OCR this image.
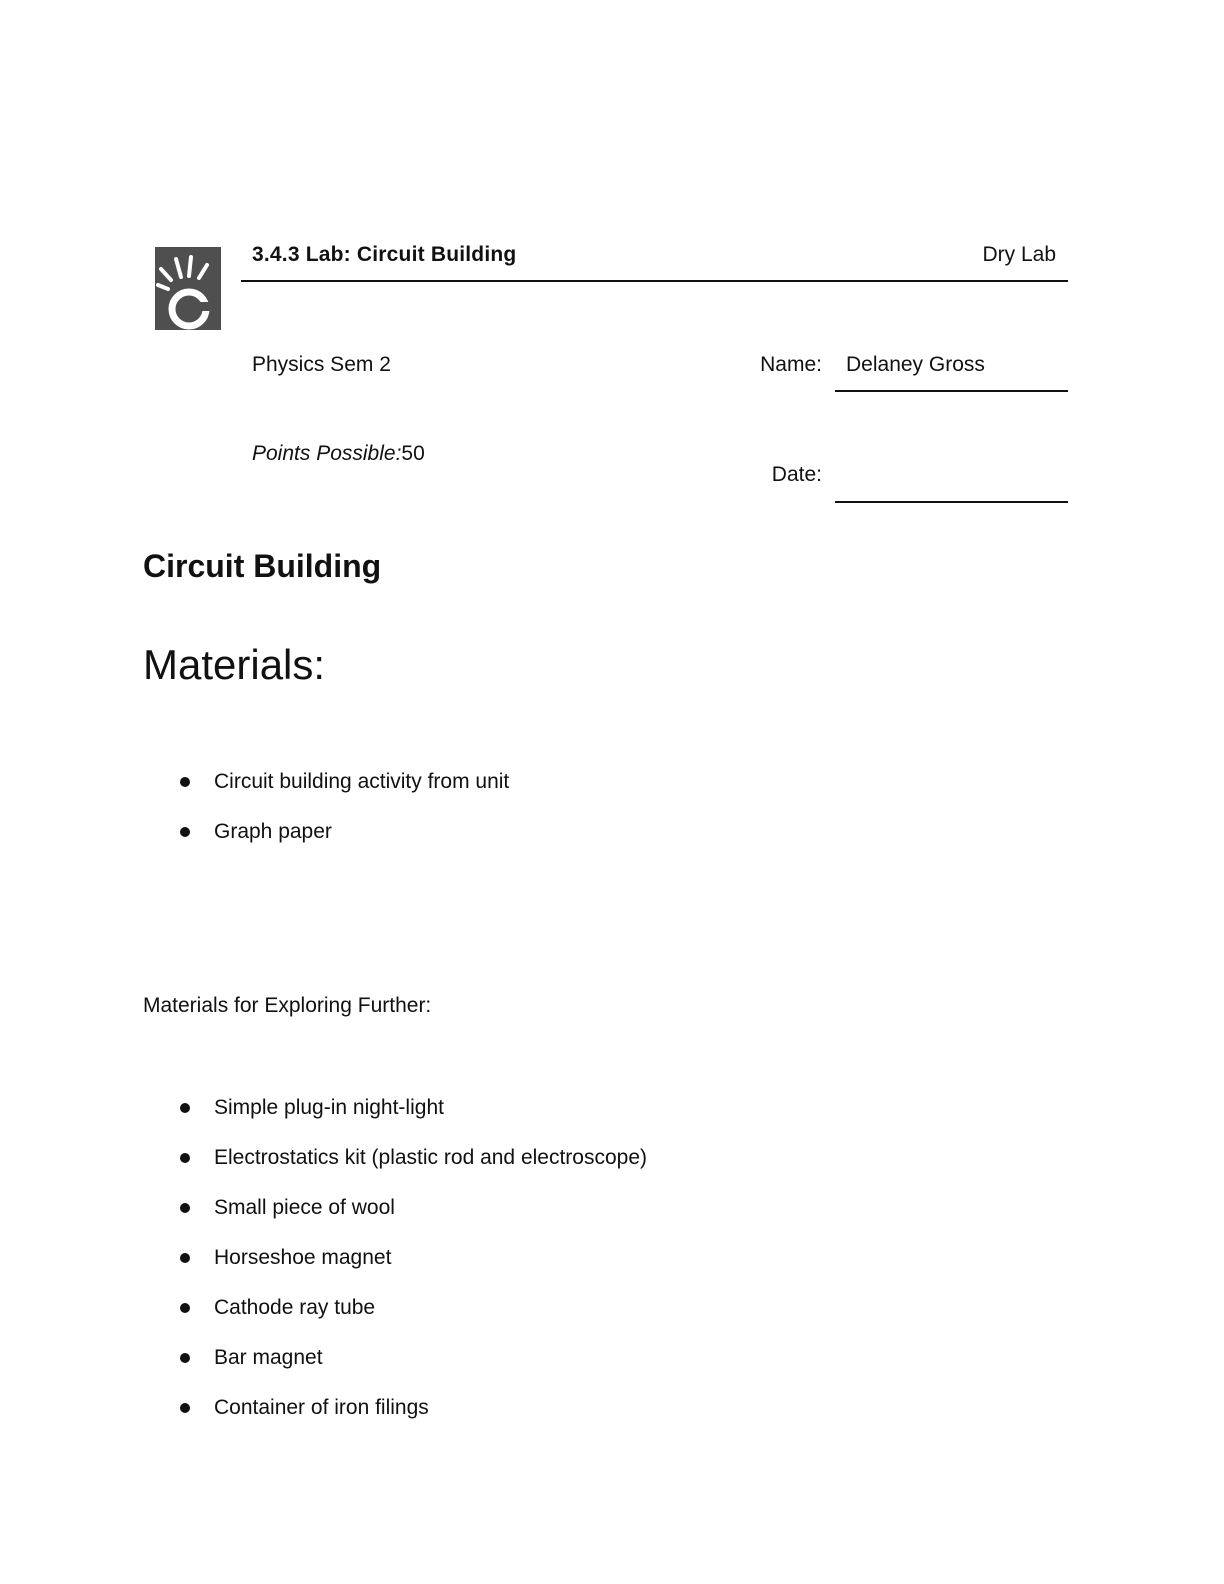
3.4.3 Lab: Circuit Building	Dry Lab
Physics Sem 2	Name: Delaney Gross
Points Possible:50
Date:
Circuit Building
Materials:
Circuit building activity from unit
Graph paper
Materials for Exploring Further:
Simple plug-in night-light
Electrostatics kit (plastic rod and electroscope)
Small piece of wool
Horseshoe magnet
Cathode ray tube
Bar magnet
Container of iron filings
